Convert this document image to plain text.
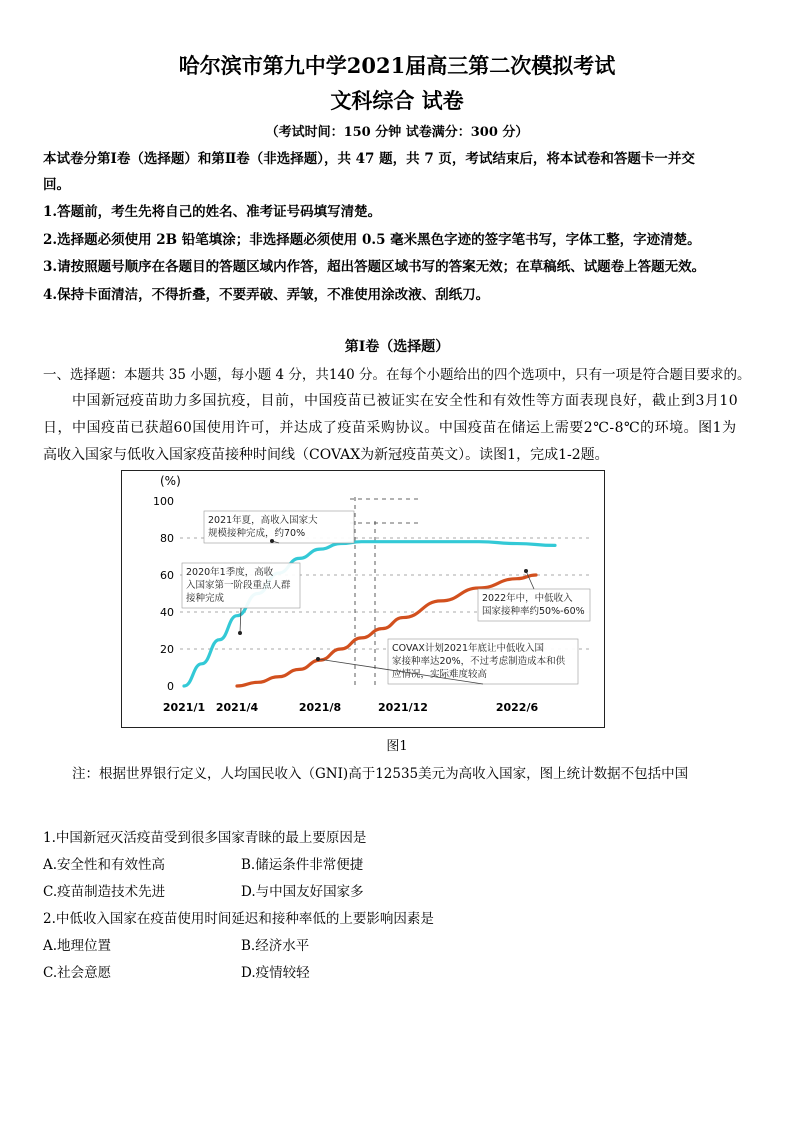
哈尔滨市第九中学2021届高三第二次模拟考试
文科综合 试卷
（考试时间：150 分钟 试卷满分：300 分）
本试卷分第Ⅰ卷（选择题）和第Ⅱ卷（非选择题），共 47 题，共 7 页，考试结束后，将本试卷和答题卡一并交
回。
1.答题前，考生先将自己的姓名、准考证号码填写清楚。
2.选择题必须使用 2B 铅笔填涂；非选择题必须使用 0.5 毫米黑色字迹的签字笔书写，字体工整，字迹清楚。
3.请按照题号顺序在各题目的答题区域内作答，超出答题区域书写的答案无效；在草稿纸、试题卷上答题无效。
4.保持卡面清洁，不得折叠，不要弄破、弄皱，不准使用涂改液、刮纸刀。
第Ⅰ卷（选择题）
一、选择题：本题共 35 小题，每小题 4 分，共140 分。在每个小题给出的四个选项中，只有一项是符合题目要求的。
中国新冠疫苗助力多国抗疫，目前，中国疫苗已被证实在安全性和有效性等方面表现良好，截止到3月10
日，中国疫苗已获超60国使用许可，并达成了疫苗采购协议。中国疫苗在储运上需要2℃-8℃的环境。图1为
高收入国家与低收入国家疫苗接种时间线（COVAX为新冠疫苗英文）。读图1，完成1-2题。
(%)
0
20
40
60
80
100
2021/1 2021/4	2021/8	2021/12	2022/6
2021年夏，高收入国家大规模接种完成，约70%
2020年1季度，高收入国家第一阶段重点人群接种完成	2022年中，中低收入国家接种率约50%-60%
COVAX计划2021年底让中低收入国家接种率达20%，不过考虑制造成本和供应情况，实际难度较高
图1
注：根据世界银行定义，人均国民收入（GNI)高于12535美元为高收入国家，图上统计数据不包括中国
1.中国新冠灭活疫苗受到很多国家青睐的最上要原因是
A.安全性和有效性高	B.储运条件非常便捷
C.疫苗制造技术先进	D.与中国友好国家多
2.中低收入国家在疫苗使用时间延迟和接种率低的上要影响因素是
A.地理位置	B.经济水平
C.社会意愿	D.疫情较轻
